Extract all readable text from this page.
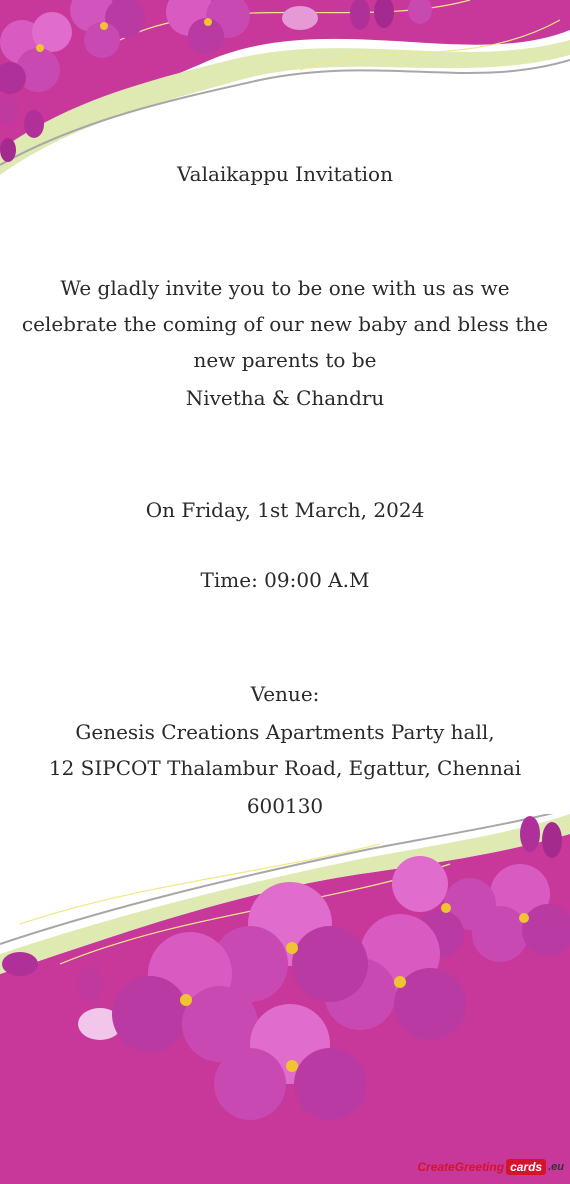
Valaikappu Invitation
We gladly invite you to be one with us as we
celebrate the coming of our new baby and bless the
new parents to be
Nivetha & Chandru
On Friday, 1st March, 2024
Time: 09:00 A.M
Venue:
Genesis Creations Apartments Party hall,
12 SIPCOT Thalambur Road, Egattur, Chennai
600130
CreateGreeting cards .eu
